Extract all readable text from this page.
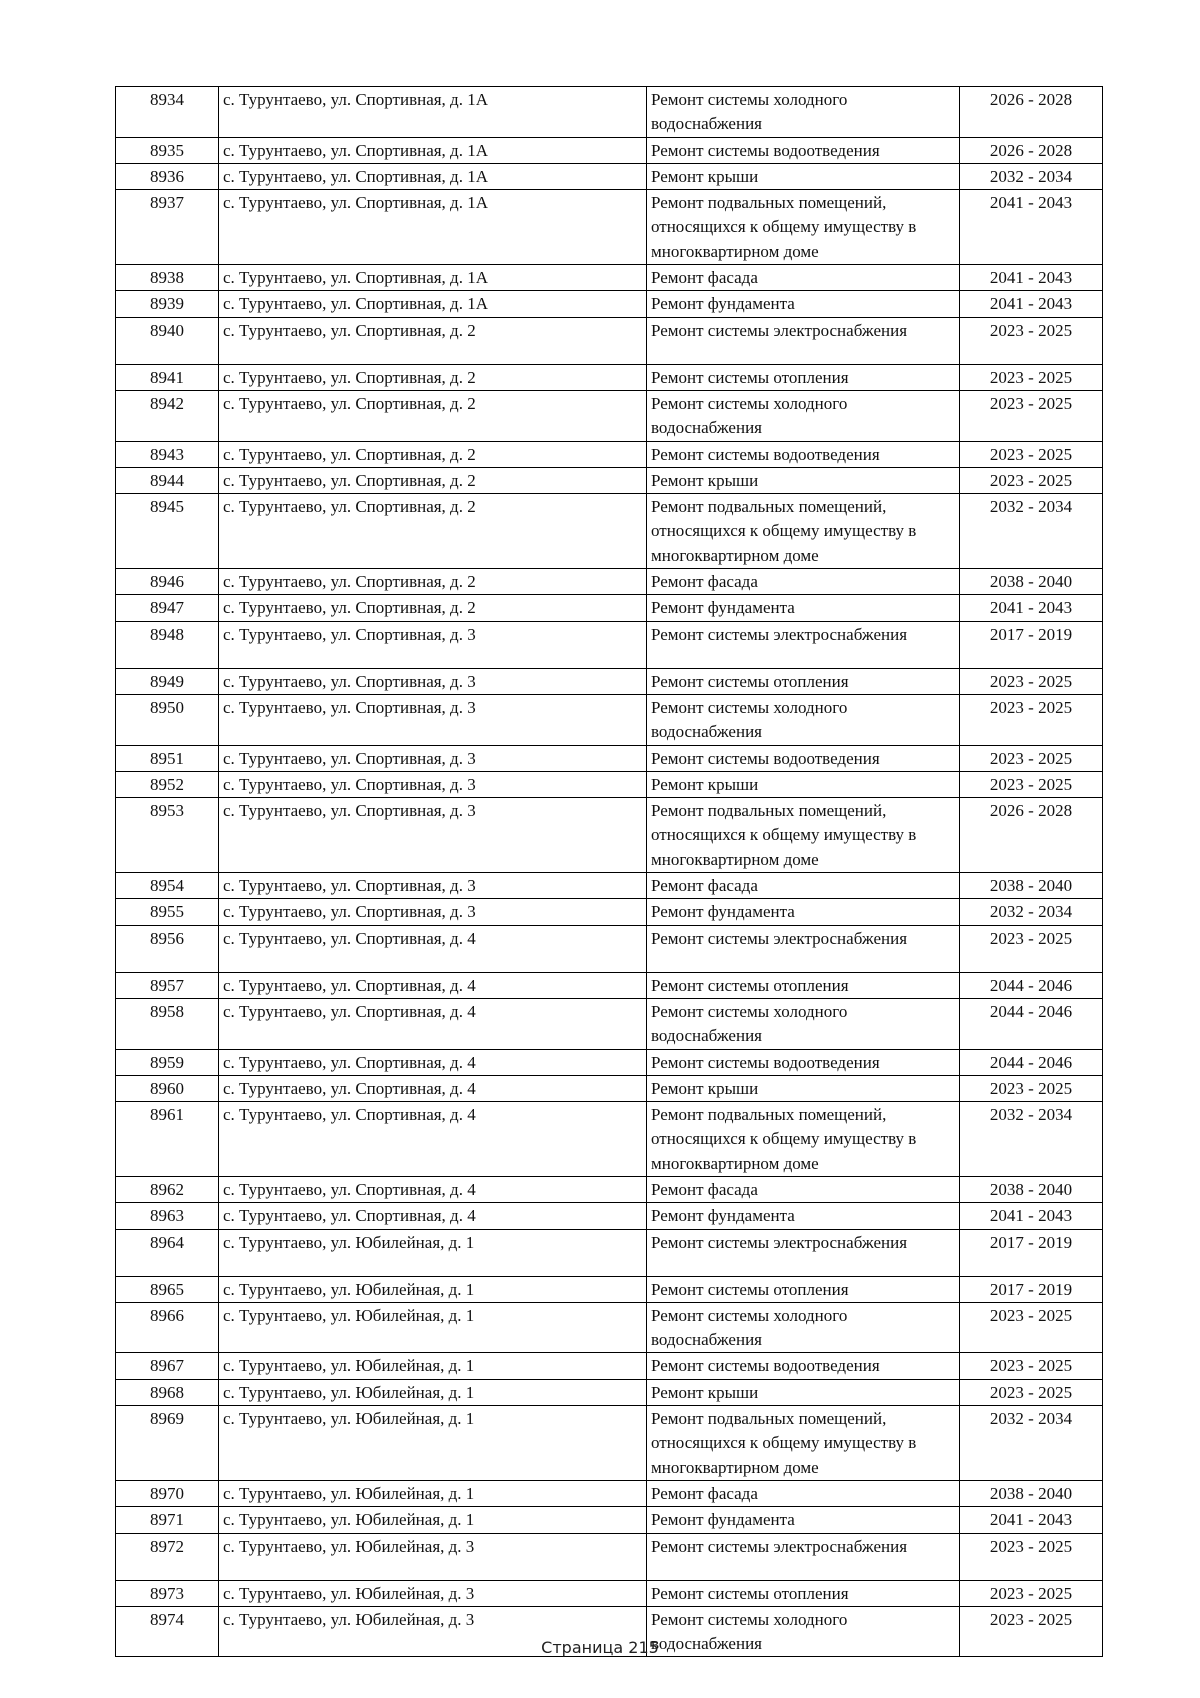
8934	с. Турунтаево, ул. Спортивная, д. 1А	Ремонт системы холодного водоснабжения	2026 - 2028
8935	с. Турунтаево, ул. Спортивная, д. 1А	Ремонт системы водоотведения	2026 - 2028
8936	с. Турунтаево, ул. Спортивная, д. 1А	Ремонт крыши	2032 - 2034
8937	с. Турунтаево, ул. Спортивная, д. 1А	Ремонт подвальных помещений, относящихся к общему имуществу в многоквартирном доме	2041 - 2043
8938	с. Турунтаево, ул. Спортивная, д. 1А	Ремонт фасада	2041 - 2043
8939	с. Турунтаево, ул. Спортивная, д. 1А	Ремонт фундамента	2041 - 2043
8940	с. Турунтаево, ул. Спортивная, д. 2	Ремонт системы электроснабжения	2023 - 2025
8941	с. Турунтаево, ул. Спортивная, д. 2	Ремонт системы отопления	2023 - 2025
8942	с. Турунтаево, ул. Спортивная, д. 2	Ремонт системы холодного водоснабжения	2023 - 2025
8943	с. Турунтаево, ул. Спортивная, д. 2	Ремонт системы водоотведения	2023 - 2025
8944	с. Турунтаево, ул. Спортивная, д. 2	Ремонт крыши	2023 - 2025
8945	с. Турунтаево, ул. Спортивная, д. 2	Ремонт подвальных помещений, относящихся к общему имуществу в многоквартирном доме	2032 - 2034
8946	с. Турунтаево, ул. Спортивная, д. 2	Ремонт фасада	2038 - 2040
8947	с. Турунтаево, ул. Спортивная, д. 2	Ремонт фундамента	2041 - 2043
8948	с. Турунтаево, ул. Спортивная, д. 3	Ремонт системы электроснабжения	2017 - 2019
8949	с. Турунтаево, ул. Спортивная, д. 3	Ремонт системы отопления	2023 - 2025
8950	с. Турунтаево, ул. Спортивная, д. 3	Ремонт системы холодного водоснабжения	2023 - 2025
8951	с. Турунтаево, ул. Спортивная, д. 3	Ремонт системы водоотведения	2023 - 2025
8952	с. Турунтаево, ул. Спортивная, д. 3	Ремонт крыши	2023 - 2025
8953	с. Турунтаево, ул. Спортивная, д. 3	Ремонт подвальных помещений, относящихся к общему имуществу в многоквартирном доме	2026 - 2028
8954	с. Турунтаево, ул. Спортивная, д. 3	Ремонт фасада	2038 - 2040
8955	с. Турунтаево, ул. Спортивная, д. 3	Ремонт фундамента	2032 - 2034
8956	с. Турунтаево, ул. Спортивная, д. 4	Ремонт системы электроснабжения	2023 - 2025
8957	с. Турунтаево, ул. Спортивная, д. 4	Ремонт системы отопления	2044 - 2046
8958	с. Турунтаево, ул. Спортивная, д. 4	Ремонт системы холодного водоснабжения	2044 - 2046
8959	с. Турунтаево, ул. Спортивная, д. 4	Ремонт системы водоотведения	2044 - 2046
8960	с. Турунтаево, ул. Спортивная, д. 4	Ремонт крыши	2023 - 2025
8961	с. Турунтаево, ул. Спортивная, д. 4	Ремонт подвальных помещений, относящихся к общему имуществу в многоквартирном доме	2032 - 2034
8962	с. Турунтаево, ул. Спортивная, д. 4	Ремонт фасада	2038 - 2040
8963	с. Турунтаево, ул. Спортивная, д. 4	Ремонт фундамента	2041 - 2043
8964	с. Турунтаево, ул. Юбилейная, д. 1	Ремонт системы электроснабжения	2017 - 2019
8965	с. Турунтаево, ул. Юбилейная, д. 1	Ремонт системы отопления	2017 - 2019
8966	с. Турунтаево, ул. Юбилейная, д. 1	Ремонт системы холодного водоснабжения	2023 - 2025
8967	с. Турунтаево, ул. Юбилейная, д. 1	Ремонт системы водоотведения	2023 - 2025
8968	с. Турунтаево, ул. Юбилейная, д. 1	Ремонт крыши	2023 - 2025
8969	с. Турунтаево, ул. Юбилейная, д. 1	Ремонт подвальных помещений, относящихся к общему имуществу в многоквартирном доме	2032 - 2034
8970	с. Турунтаево, ул. Юбилейная, д. 1	Ремонт фасада	2038 - 2040
8971	с. Турунтаево, ул. Юбилейная, д. 1	Ремонт фундамента	2041 - 2043
8972	с. Турунтаево, ул. Юбилейная, д. 3	Ремонт системы электроснабжения	2023 - 2025
8973	с. Турунтаево, ул. Юбилейная, д. 3	Ремонт системы отопления	2023 - 2025
8974	с. Турунтаево, ул. Юбилейная, д. 3	Ремонт системы холодного водоснабжения	2023 - 2025
Страница 215
